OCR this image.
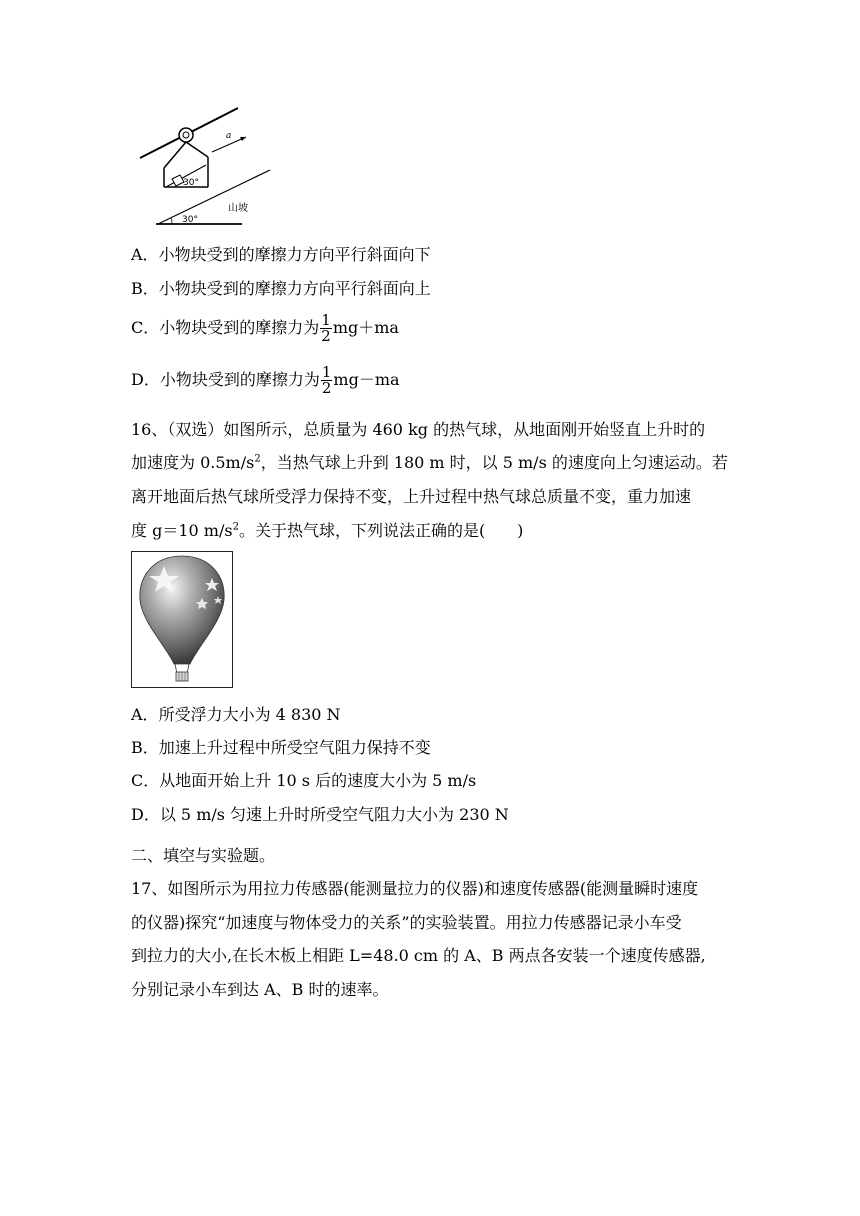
30°
a
30°
山坡
A．小物块受到的摩擦力方向平行斜面向下
B．小物块受到的摩擦力方向平行斜面向上
C．小物块受到的摩擦力为 $\frac{1}{2} mg+ma$
D．小物块受到的摩擦力为 $\frac{1}{2} mg-ma$
16、（双选）如图所示，总质量为 460 kg 的热气球，从地面刚开始竖直上升时的
加速度为 $0.5m/s^2$，当热气球上升到 180 m 时，以 5 m/s 的速度向上匀速运动。若
离开地面后热气球所受浮力保持不变，上升过程中热气球总质量不变，重力加速
度 g＝10 $m/s^2$。关于热气球，下列说法正确的是(　　)
A．所受浮力大小为 4 830 N
B．加速上升过程中所受空气阻力保持不变
C．从地面开始上升 10 s 后的速度大小为 5 m/s
D．以 5 m/s 匀速上升时所受空气阻力大小为 230 N
二、填空与实验题。
17、如图所示为用拉力传感器(能测量拉力的仪器)和速度传感器(能测量瞬时速度
的仪器)探究“加速度与物体受力的关系”的实验装置。用拉力传感器记录小车受
到拉力的大小,在长木板上相距 L=48.0 cm 的 A、B 两点各安装一个速度传感器,
分别记录小车到达 A、B 时的速率。
